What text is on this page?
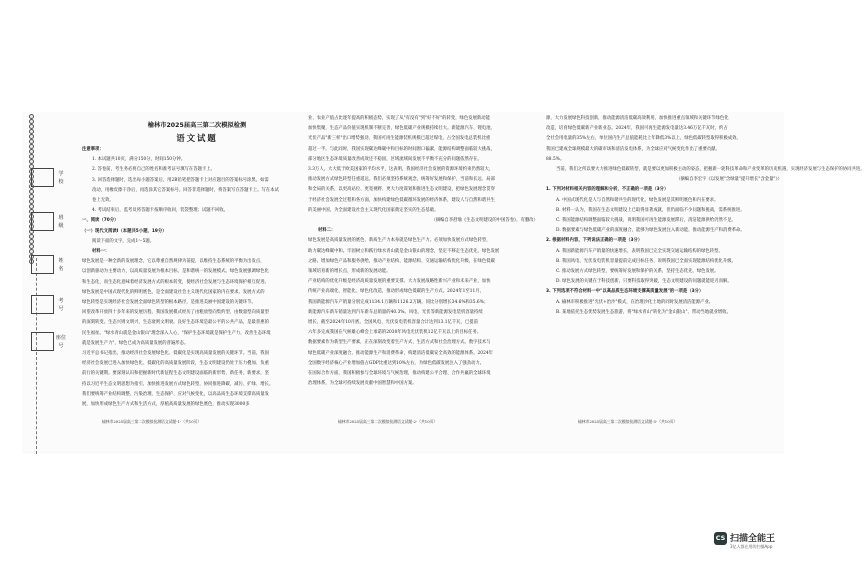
学 校
班 级
姓 名
考 号
座位号
榆林市2025届高三第二次模拟检测
语文试题
注意事项：
1. 本试题共10页，满分150分，时间150分钟。
2. 答卷前，考生务必将自己的姓名和准考证号填写在答题卡上。
3. 回答选择题时，选出每小题答案后，用2B铅笔把答题卡上对应题目的答案标号涂黑。如需
改动，用橡皮擦干净后，再选涂其它答案标号。回答非选择题时，将答案写在答题卡上。写在本试
卷上无效。
4. 考试结束后，监考员将答题卡按顺序收回，装袋整理；试题不回收。
一、阅读（70分）
（一）现代文阅读Ⅰ（本题共5小题，19分）
阅读下面的文字，完成1～5题。
材料一：
绿色发展是一种全新的发展理念，它以尊重自然规律为前提，以维持生态系统的平衡为出发点，
以创新驱动为主要动力，以高质量发展为根本目标，是和谐统一的发展模式。绿色发展强调绿色化
和生态化，而生态化意味着经济发展方式的根本转变，使经济社会发展与生态环境保护相互促进。
绿色发展是中国式现代化的鲜明底色，是全面建设社会主义现代化国家的内在要求。发展方式的
绿色转型是实现经济社会发展全面绿色转型的根本路径，是推进美丽中国建设的关键环节。
回望改革开放四十多年来的发展历程，我国发展模式经历了由粗放型向集约型、由数量型向质量型
的深刻转变。生态兴则文明兴，生态衰则文明衰。良好生态环境是最公平的公共产品，是最普惠的
民生福祉。"绿水青山就是金山银山"理念深入人心，"保护生态环境就是保护生产力，改善生态环境
就是发展生产力"，绿色已成为高质量发展的普遍形态。
习近平总书记指出，推动经济社会发展绿色化、低碳化是实现高质量发展的关键环节。当前，我国
经济社会发展已进入加快绿色化、低碳化的高质量发展阶段，生态文明建设仍处于压力叠加、负重
前行的关键期。要深刻认识和把握新时代新征程生态文明建设面临的新形势、新任务、新要求，坚
持以习近平生态文明思想为指引，加快推进发展方式绿色转型，协同推进降碳、减污、扩绿、增长。
我们要统筹产业结构调整、污染治理、生态保护、应对气候变化，以高品质生态环境支撑高质量发
展，加快形成绿色生产方式和生活方式，厚植高质量发展的绿色底色，推动实现3000多
榆林市2025届高三第二次模拟检测语文试题-1-（共10页）
业、农业产值占比逐年提高的积极态势，实现了从"有没有"到"好不好"的转变，绿色发展新动能
加快集聚，生态产品价值实现机制不断完善，绿色低碳产业规模持续壮大。新能源汽车、锂电池、
光伏产品"新三样"出口增势强劲，我国可再生能源装机规模已超过煤电，占全国发电总装机比重
超过一半。与此同时，我国实现碳达峰碳中和目标的时间窗口偏紧，能源结构调整面临较大挑战，
部分地区生态环境质量改善成效还不稳固，区域流域间发展不平衡不充分的问题依然存在。
3.3万人，大大低于欧美国家的平均水平，这表明，我国经济社会发展的资源环境约束仍然较大，
推动发展方式绿色转型任重道远。我们必须坚持系统观念，统筹好发展和保护、当前和长远、局部
和全局的关系，以更高站位、更宽视野、更大力度谋划和推进生态文明建设，把绿色发展理念贯穿
于经济社会发展全过程和各方面，加快构建绿色低碳循环发展的经济体系，建设人与自然和谐共生
的美丽中国，为全面建设社会主义现代化国家奠定坚实的生态基础。
（摘编自李舒瑜《生态文明建设的中国答卷》，有删改）
材料二：
绿色发展是高质量发展的底色，新质生产力本身就是绿色生产力。必须加快发展方式绿色转型，
助力碳达峰碳中和。牢固树立和践行绿水青山就是金山银山的理念，坚定不移走生态优先、绿色发展
之路。增加绿色产品和服务供给，推动产业结构、能源结构、交通运输结构优化升级，在绿色低碳
领域培育新的增长点，形成新的发展动能。
产业结构的优化升级是经济高质量发展的重要支撑。大力发展战略性新兴产业和未来产业，加快
传统产业高端化、智能化、绿色化改造，推动形成绿色低碳的生产方式。2024年1至11月，
我国新能源汽车产销量分别完成1134.1万辆和1126.2万辆，同比分别增长34.6%和35.6%；
新能源汽车新车销量达到汽车新车总销量的40.3%。风电、光伏等新能源发电装机容量持续
增长，截至2024年10月底，全国风电、光伏发电装机容量合计达到13.1亿千瓦，已提前
六年多完成我国在气候雄心峰会上承诺的2030年风电光伏装机12亿千瓦以上的目标任务。
数据要素作为新型生产要素，正在深刻改变着生产方式、生活方式和社会治理方式。数字技术与
绿色低碳产业深度融合，推动能源生产和消费革命，构建清洁低碳安全高效的能源体系。2024年
全国数字经济核心产业增加值占GDP比重达到10%左右，为绿色低碳发展注入了强劲动力。
在国际合作方面，我国积极参与全球环境与气候治理，推动构建公平合理、合作共赢的全球环境
治理体系，为全球可持续发展贡献中国智慧和中国方案。
榆林市2025届高三第二次模拟检测语文试题-2-（共10页）
源，大力发展绿色科技创新，推动能源清洁低碳高效利用，加快推进重点领域和关键环节绿色化
改造，培育绿色低碳新产业新业态。2024年，我国可再生能源发电量达3.46万亿千瓦时，约占
全社会用电量的35%左右，单位国内生产总值能耗比上年降低3%以上，绿色低碳转型取得积极成效。
我国已建成全球规模最大的碳市场和清洁发电体系，为全球应对气候变化作出了重要贡献。
88.5%。
当前，我们之所以要大力推进绿色低碳转型，就是要以更加积极主动的姿态，把握新一轮科技革命和产业变革的历史机遇，实现经济发展与生态保护的协同共进。
（摘编自李宏宇《以发展"含绿量"提升增长"含金量"》）
1. 下列对材料相关内容的理解和分析，不正确的一项是（3分）
A. 中国式现代化是人与自然和谐共生的现代化，绿色发展是其鲜明底色和内在要求。
B. 材料一认为，我国在生态文明建设上已取得显著成就，但仍面临不少问题和挑战，需系统推进。
C. 我国能源结构调整面临较大挑战，说明我国可再生能源发展滞后，清洁能源供给仍然不足。
D. 数据要素与绿色低碳产业的深度融合，能够为绿色发展注入新动能，推动能源生产和消费革命。
2. 根据材料内容，下列说法正确的一项是（3分）
A. 我国新能源汽车产销量的快速增长，表明我国已完全实现交通运输结构的绿色转型。
B. 我国风电、光伏发电装机容量提前完成目标任务，说明我国已全面实现能源结构优化升级。
C. 推动发展方式绿色转型，要统筹好发展和保护的关系，坚持生态优先、绿色发展。
D. 绿色发展的关键在于科技创新，只要科技取得突破，生态文明建设的问题就能迎刃而解。
3. 下列选项不符合材料一中"以高品质生态环境支撑高质量发展"的一项是（3分）
A. 榆林市积极推进"光伏+治沙"模式，在治理沙化土地的同时发展清洁能源产业。
B. 某地依托生态优势发展生态旅游，将"绿水青山"转化为"金山银山"，带动当地就业增收。
榆林市2025届高三第二次模拟检测语文试题-3-（共10页）
CS 扫描全能王
3亿人都在用的扫描App
